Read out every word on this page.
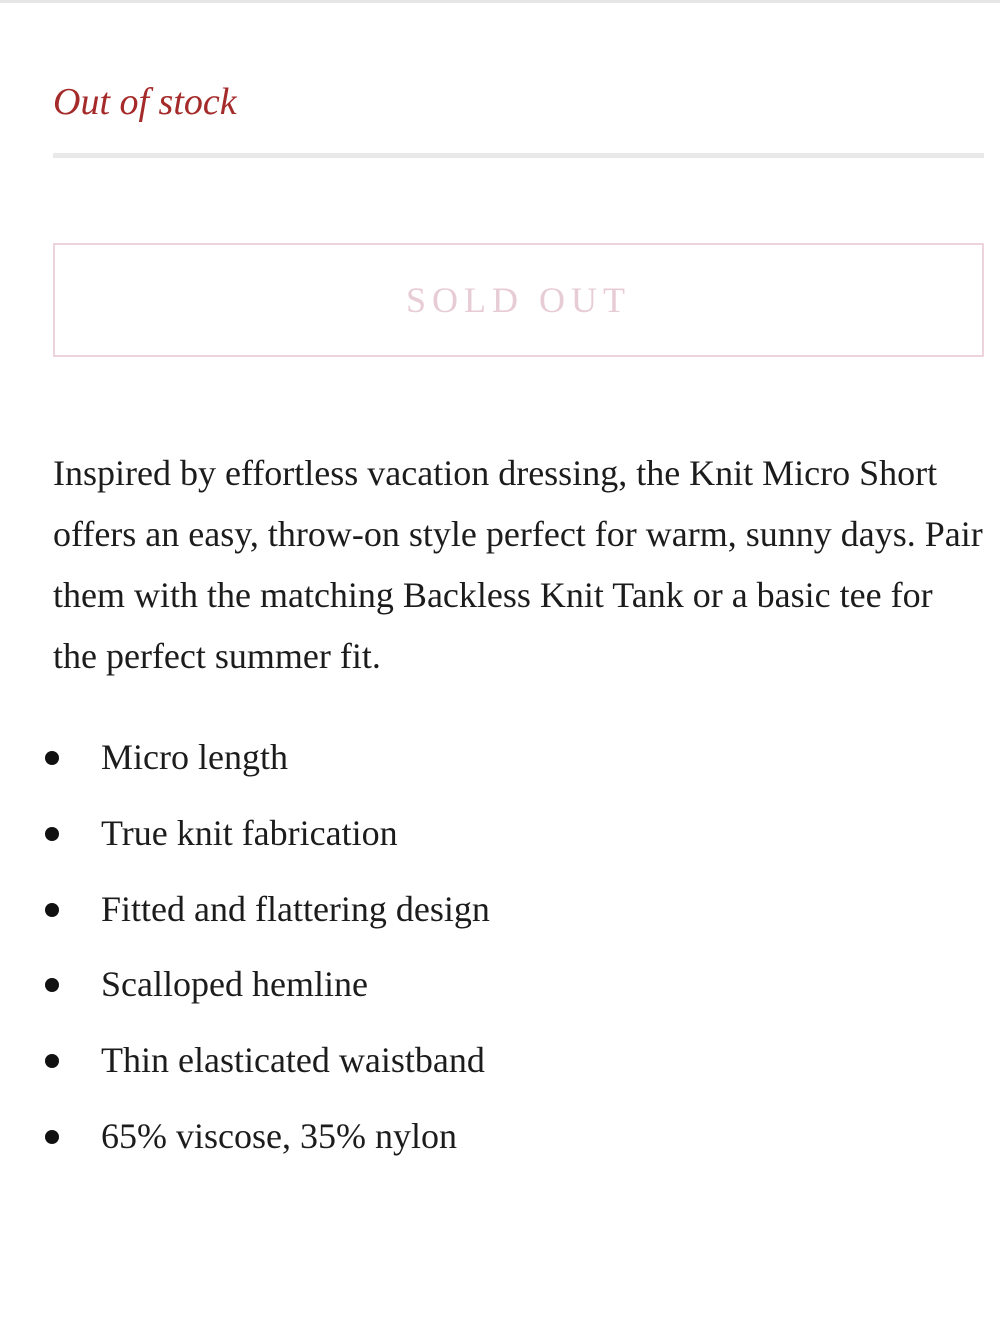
Out of stock
SOLD OUT

Inspired by effortless vacation dressing, the Knit Micro Short offers an easy, throw-on style perfect for warm, sunny days. Pair them with the matching Backless Knit Tank or a basic tee for the perfect summer fit.

Micro length
True knit fabrication
Fitted and flattering design
Scalloped hemline
Thin elasticated waistband
65% viscose, 35% nylon
